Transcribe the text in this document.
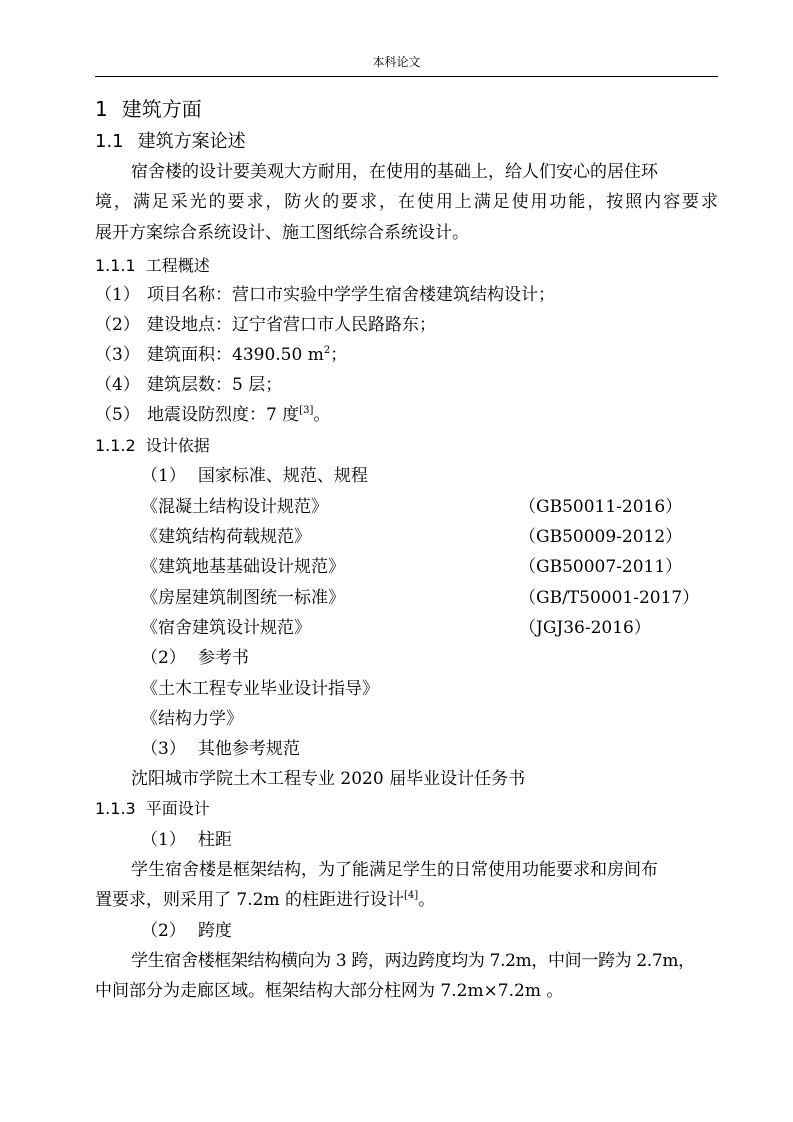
本科论文
1 建筑方面
1.1 建筑方案论述

宿舍楼的设计要美观大方耐用，在使用的基础上，给人们安心的居住环

境，满足采光的要求，防火的要求，在使用上满足使用功能，按照内容要求

展开方案综合系统设计、施工图纸综合系统设计。

1.1.1 工程概述

（1） 项目名称：营口市实验中学学生宿舍楼建筑结构设计；

（2） 建设地点：辽宁省营口市人民路路东；

（3） 建筑面积：4390.50 $m^2$；

（4） 建筑层数：5 层；

（5） 地震设防烈度：7 度[3]。

1.1.2 设计依据

（1） 国家标准、规范、规程

《混凝土结构设计规范》	（GB50011-2016）

《建筑结构荷载规范》	（GB50009-2012）

《建筑地基基础设计规范》	（GB50007-2011）

《房屋建筑制图统一标准》	（GB/T50001-2017）

《宿舍建筑设计规范》	（JGJ36-2016）

（2） 参考书

《土木工程专业毕业设计指导》

《结构力学》

（3） 其他参考规范

沈阳城市学院土木工程专业 2020 届毕业设计任务书

1.1.3 平面设计

（1） 柱距

学生宿舍楼是框架结构，为了能满足学生的日常使用功能要求和房间布

置要求，则采用了 7.2m 的柱距进行设计[4]。

（2） 跨度

学生宿舍楼框架结构横向为 3 跨，两边跨度均为 7.2m，中间一跨为 2.7m，

中间部分为走廊区域。框架结构大部分柱网为 7.2m×7.2m 。
